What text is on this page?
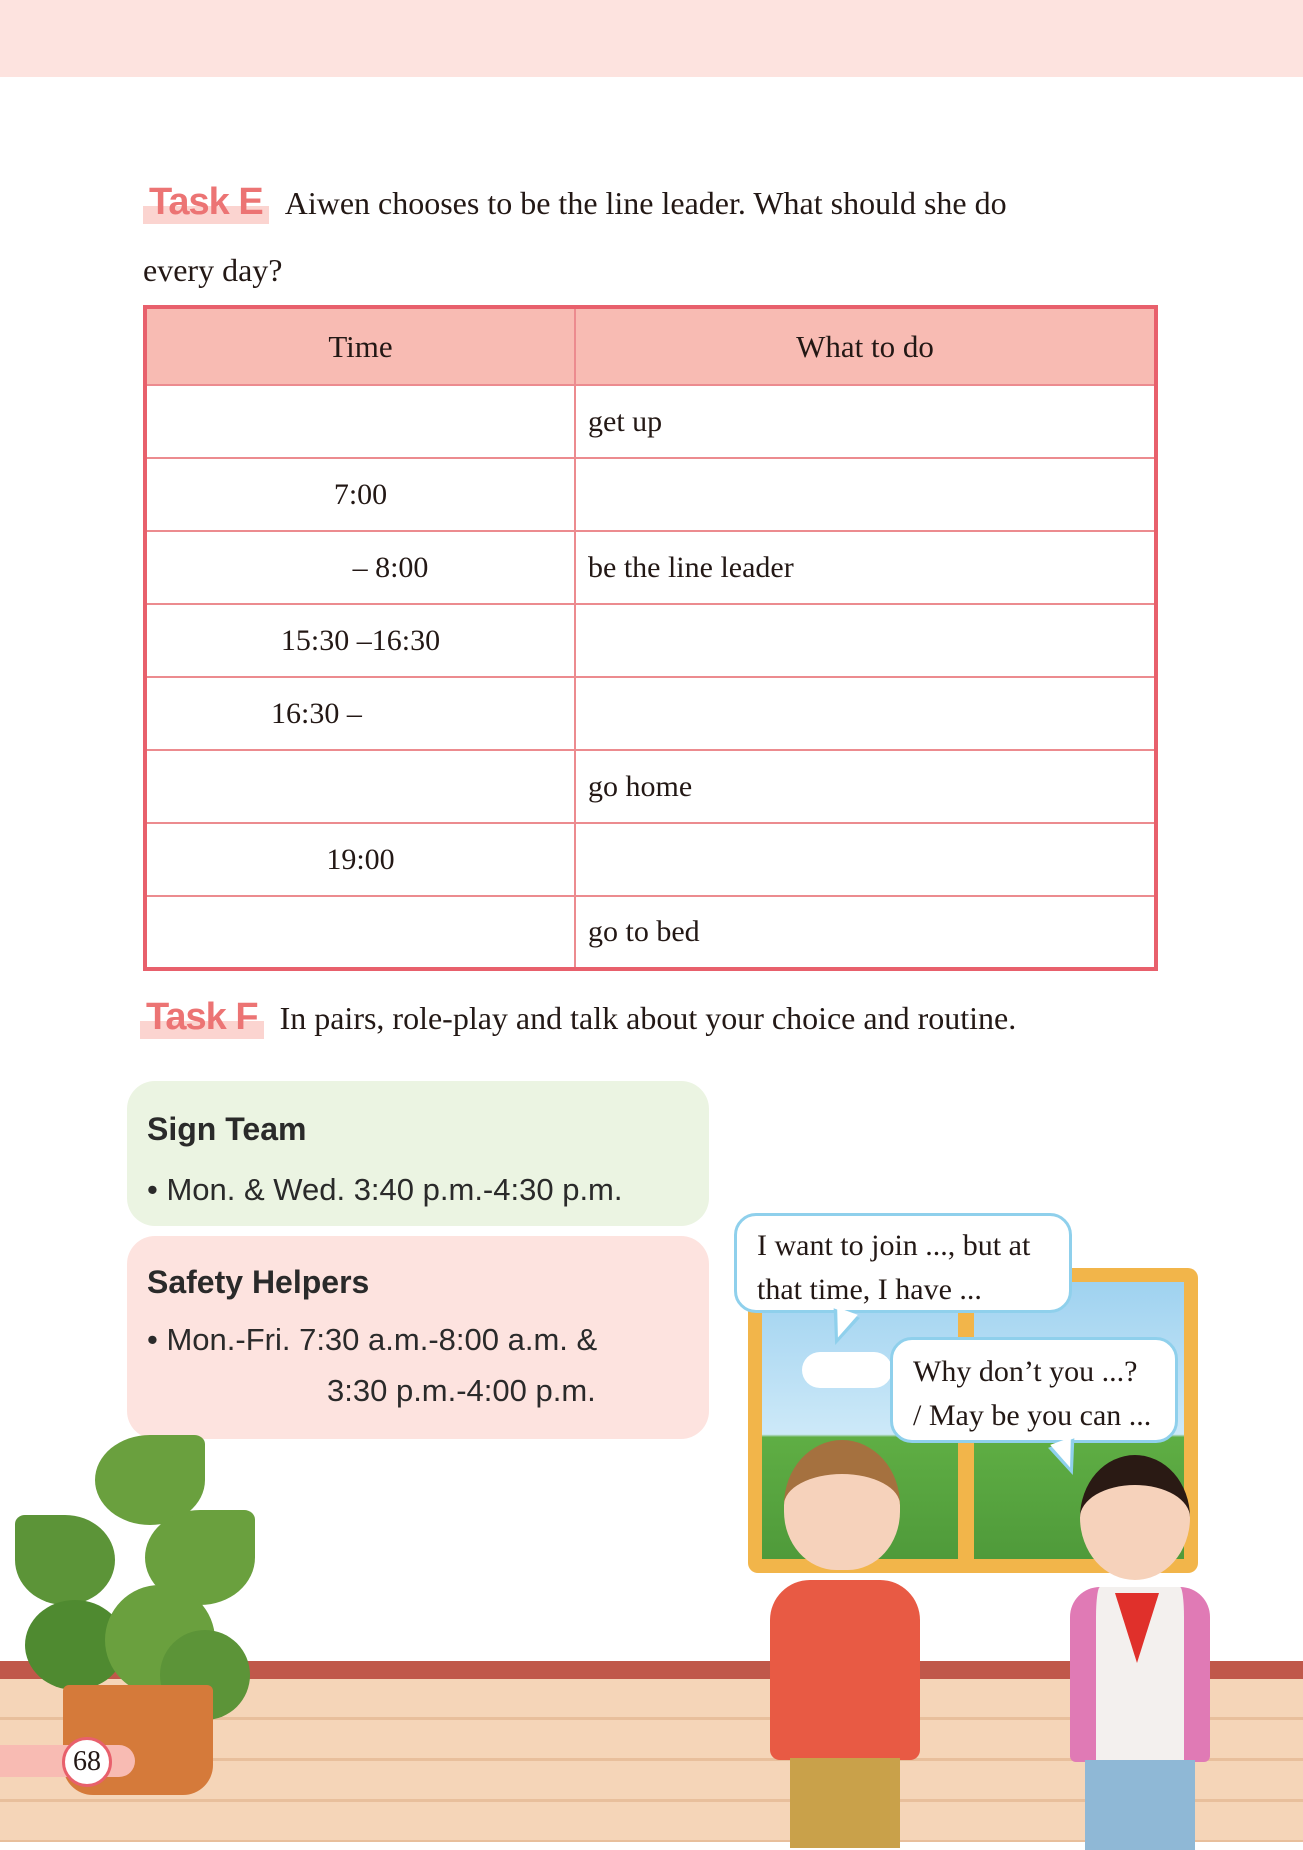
Task E Aiwen chooses to be the line leader. What should she do
every day?
Time	What to do
	get up
7:00	
– 8:00	be the line leader
15:30 –16:30	
16:30 –	
	go home
19:00	
	go to bed
Task F In pairs, role-play and talk about your choice and routine.
Sign Team

• Mon. & Wed. 3:40 p.m.-4:30 p.m.

Safety Helpers

• Mon.-Fri. 7:30 a.m.-8:00 a.m. &

3:30 p.m.-4:00 p.m.

68
I want to join ..., but at
that time, I have ...
Why don’t you ...?
/ May be you can ...
